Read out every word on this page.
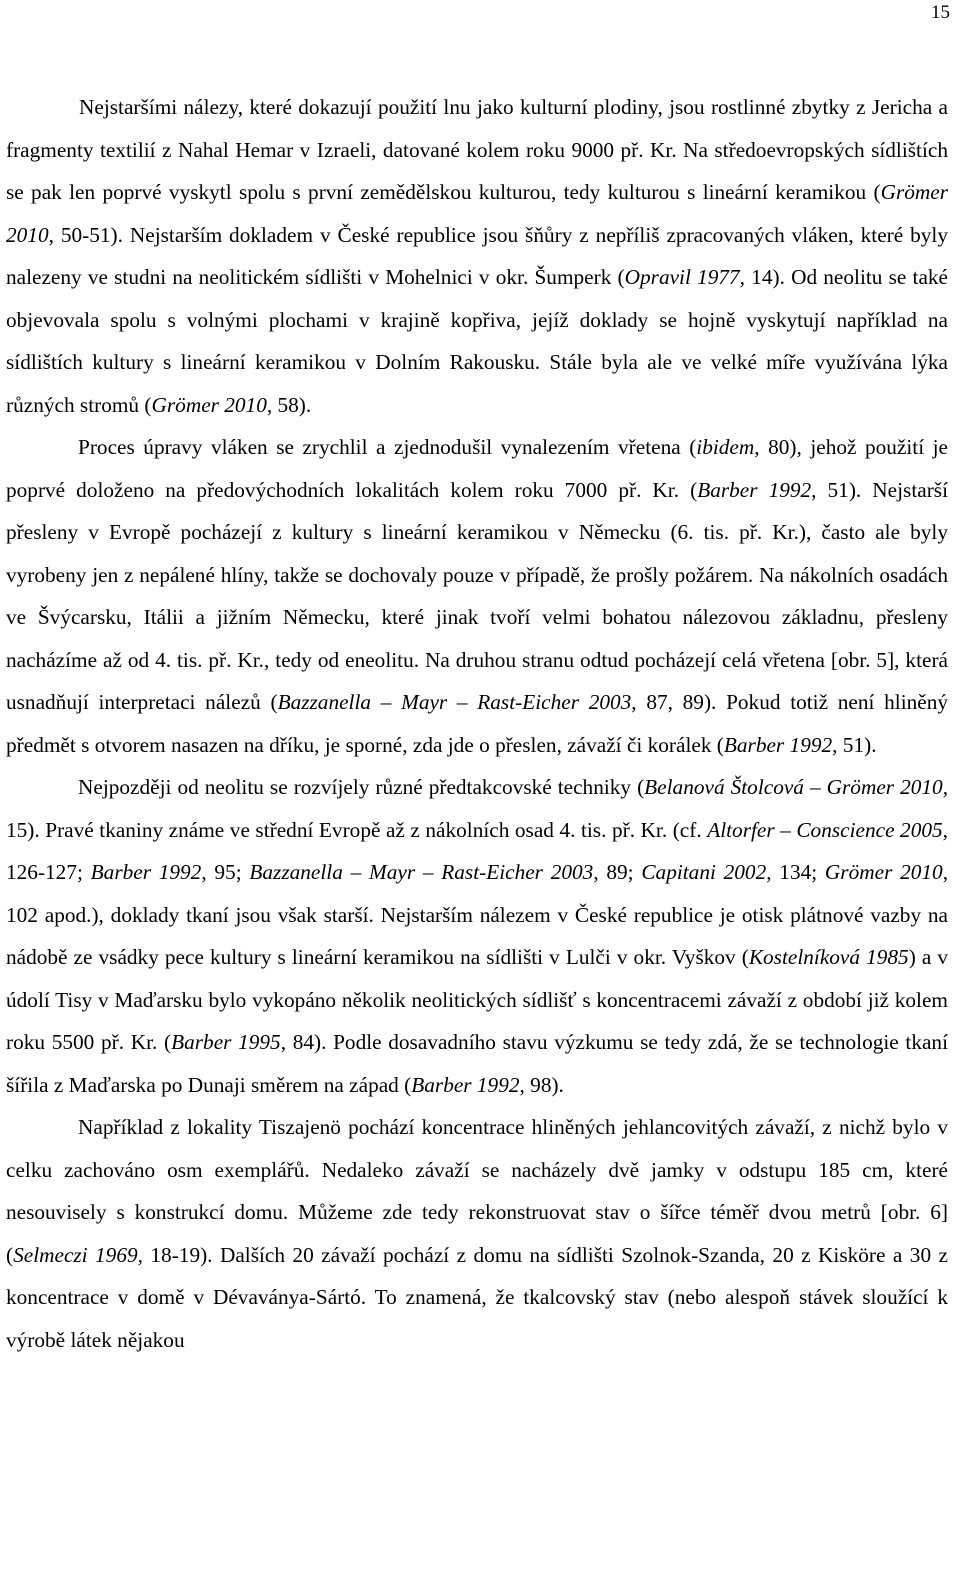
15

Nejstaršími nálezy, které dokazují použití lnu jako kulturní plodiny, jsou rostlinné zbytky z Jericha a fragmenty textilií z Nahal Hemar v Izraeli, datované kolem roku 9000 př. Kr. Na středoevropských sídlištích se pak len poprvé vyskytl spolu s první zemědělskou kulturou, tedy kulturou s lineární keramikou (Grömer 2010, 50-51). Nejstarším dokladem v České republice jsou šňůry z nepříliš zpracovaných vláken, které byly nalezeny ve studni na neolitickém sídlišti v Mohelnici v okr. Šumperk (Opravil 1977, 14). Od neolitu se také objevovala spolu s volnými plochami v krajině kopřiva, jejíž doklady se hojně vyskytují například na sídlištích kultury s lineární keramikou v Dolním Rakousku. Stále byla ale ve velké míře využívána lýka různých stromů (Grömer 2010, 58).

Proces úpravy vláken se zrychlil a zjednodušil vynalezením vřetena (ibidem, 80), jehož použití je poprvé doloženo na předovýchodních lokalitách kolem roku 7000 př. Kr. (Barber 1992, 51). Nejstarší přesleny v Evropě pocházejí z kultury s lineární keramikou v Německu (6. tis. př. Kr.), často ale byly vyrobeny jen z nepálené hlíny, takže se dochovaly pouze v případě, že prošly požárem. Na nákolních osadách ve Švýcarsku, Itálii a jižním Německu, které jinak tvoří velmi bohatou nálezovou základnu, přesleny nacházíme až od 4. tis. př. Kr., tedy od eneolitu. Na druhou stranu odtud pocházejí celá vřetena [obr. 5], která usnadňují interpretaci nálezů (Bazzanella – Mayr – Rast-Eicher 2003, 87, 89). Pokud totiž není hliněný předmět s otvorem nasazen na dříku, je sporné, zda jde o přeslen, závaží či korálek (Barber 1992, 51).

Nejpozději od neolitu se rozvíjely různé předtakcovské techniky (Belanová Štolcová – Grömer 2010, 15). Pravé tkaniny známe ve střední Evropě až z nákolních osad 4. tis. př. Kr. (cf. Altorfer – Conscience 2005, 126-127; Barber 1992, 95; Bazzanella – Mayr – Rast-Eicher 2003, 89; Capitani 2002, 134; Grömer 2010, 102 apod.), doklady tkaní jsou však starší. Nejstarším nálezem v České republice je otisk plátnové vazby na nádobě ze vsádky pece kultury s lineární keramikou na sídlišti v Lulči v okr. Vyškov (Kostelníková 1985) a v údolí Tisy v Maďarsku bylo vykopáno několik neolitických sídlišť s koncentracemi závaží z období již kolem roku 5500 př. Kr. (Barber 1995, 84). Podle dosavadního stavu výzkumu se tedy zdá, že se technologie tkaní šířila z Maďarska po Dunaji směrem na západ (Barber 1992, 98).

Například z lokality Tiszajenö pochází koncentrace hliněných jehlancovitých závaží, z nichž bylo v celku zachováno osm exemplářů. Nedaleko závaží se nacházely dvě jamky v odstupu 185 cm, které nesouvisely s konstrukcí domu. Můžeme zde tedy rekonstruovat stav o šířce téměř dvou metrů [obr. 6] (Selmeczi 1969, 18-19). Dalších 20 závaží pochází z domu na sídlišti Szolnok-Szanda, 20 z Kisköre a 30 z koncentrace v domě v Dévaványa-Sártó. To znamená, že tkalcovský stav (nebo alespoň stávek sloužící k výrobě látek nějakou
